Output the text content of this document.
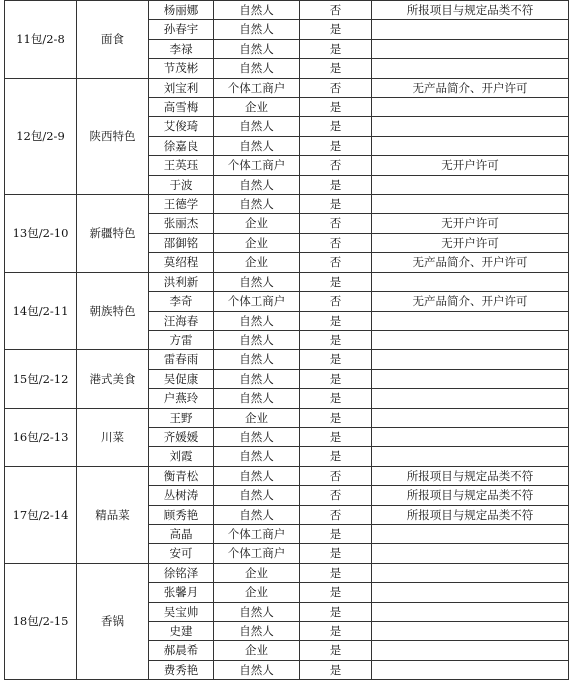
11包/2-8	面食	杨丽娜	自然人	否	所报项目与规定品类不符
		孙春宇	自然人	是	
		李禄	自然人	是	
		节茂彬	自然人	是	
12包/2-9	陕西特色	刘宝利	个体工商户	否	无产品简介、开户许可
		高雪梅	企业	是	
		艾俊琦	自然人	是	
		徐嘉良	自然人	是	
		王英珏	个体工商户	否	无开户许可
		于波	自然人	是	
13包/2-10	新疆特色	王德学	自然人	是	
		张丽杰	企业	否	无开户许可
		邵御铭	企业	否	无开户许可
		莫绍程	企业	否	无产品简介、开户许可
14包/2-11	朝族特色	洪利新	自然人	是	
		李奇	个体工商户	否	无产品简介、开户许可
		汪海春	自然人	是	
		方雷	自然人	是	
15包/2-12	港式美食	雷春雨	自然人	是	
		吴促康	自然人	是	
		户燕玲	自然人	是	
16包/2-13	川菜	王野	企业	是	
		齐媛媛	自然人	是	
		刘霞	自然人	是	
17包/2-14	精品菜	衡青松	自然人	否	所报项目与规定品类不符
		丛树涛	自然人	否	所报项目与规定品类不符
		顾秀艳	自然人	否	所报项目与规定品类不符
		高晶	个体工商户	是	
		安可	个体工商户	是	
18包/2-15	香锅	徐铭泽	企业	是	
		张馨月	企业	是	
		吴宝帅	自然人	是	
		史建	自然人	是	
		郝晨希	企业	是	
		费秀艳	自然人	是	
